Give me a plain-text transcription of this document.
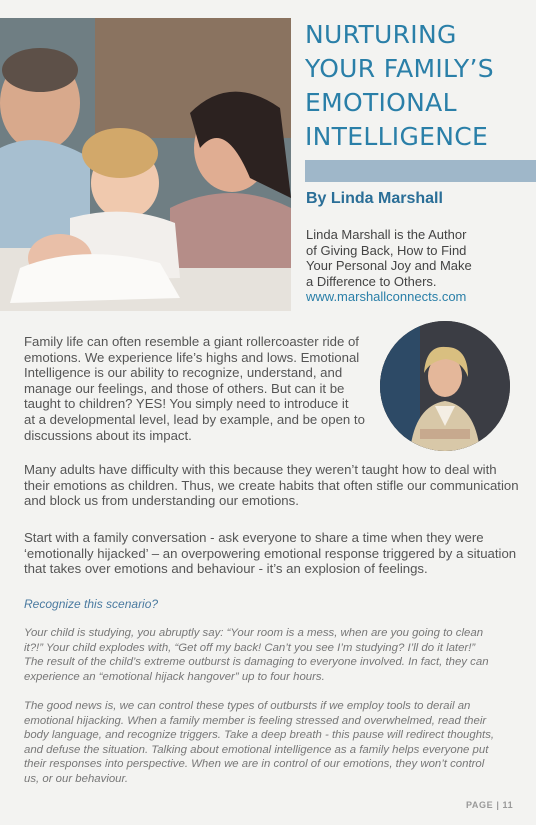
NURTURING
YOUR FAMILY’S
EMOTIONAL
INTELLIGENCE
By Linda Marshall
Linda Marshall is the Author
of Giving Back, How to Find
Your Personal Joy and Make
a Difference to Others.
www.marshallconnects.com
Family life can often resemble a giant rollercoaster ride of
emotions. We experience life’s highs and lows. Emotional
Intelligence is our ability to recognize, understand, and
manage our feelings, and those of others. But can it be
taught to children? YES! You simply need to introduce it
at a developmental level, lead by example, and be open to
discussions about its impact.
Many adults have difficulty with this because they weren’t taught how to deal with
their emotions as children. Thus, we create habits that often stifle our communication
and block us from understanding our emotions.
Start with a family conversation - ask everyone to share a time when they were
‘emotionally hijacked’ – an overpowering emotional response triggered by a situation
that takes over emotions and behaviour - it’s an explosion of feelings.
Recognize this scenario?
Your child is studying, you abruptly say: “Your room is a mess, when are you going to clean
it?!” Your child explodes with, “Get off my back! Can’t you see I’m studying? I’ll do it later!”
The result of the child’s extreme outburst is damaging to everyone involved. In fact, they can
experience an “emotional hijack hangover” up to four hours.
The good news is, we can control these types of outbursts if we employ tools to derail an
emotional hijacking. When a family member is feeling stressed and overwhelmed, read their
body language, and recognize triggers. Take a deep breath - this pause will redirect thoughts,
and defuse the situation. Talking about emotional intelligence as a family helps everyone put
their responses into perspective. When we are in control of our emotions, they won’t control
us, or our behaviour.
PAGE | 11
